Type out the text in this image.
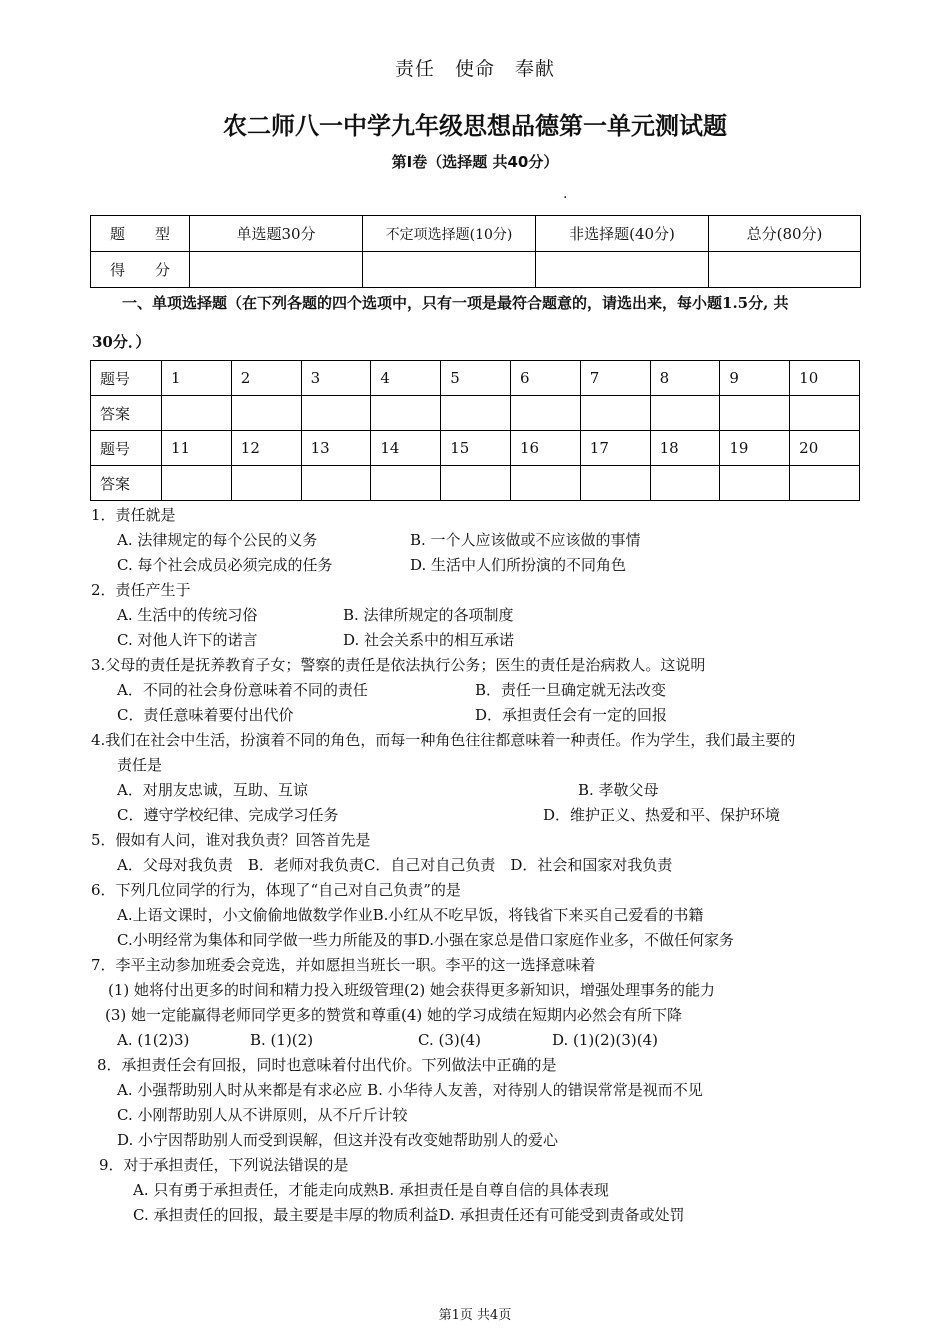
责任　使命　奉献
农二师八一中学九年级思想品德第一单元测试题
第Ⅰ卷（选择题 共40分）
.
题　　型	单选题30分	不定项选择题(10分)	非选择题(40分)	总分(80分)
得　　分				
一、单项选择题（在下列各题的四个选项中，只有一项是最符合题意的，请选出来，每小题1.5分, 共
30分．）
题号	1	2	3	4	5	6	7	8	9	10
答案										
题号	11	12	13	14	15	16	17	18	19	20
答案										
1．责任就是
A. 法律规定的每个公民的义务	B. 一个人应该做或不应该做的事情
C. 每个社会成员必须完成的任务	D. 生活中人们所扮演的不同角色
2．责任产生于
A. 生活中的传统习俗	B. 法律所规定的各项制度
C. 对他人许下的诺言	D. 社会关系中的相互承诺
3.父母的责任是抚养教育子女；警察的责任是依法执行公务；医生的责任是治病救人。这说明
A．不同的社会身份意味着不同的责任	B．责任一旦确定就无法改变
C．责任意味着要付出代价	D．承担责任会有一定的回报
4.我们在社会中生活，扮演着不同的角色，而每一种角色往往都意味着一种责任。作为学生，我们最主要的
责任是
A．对朋友忠诚，互助、互谅	B. 孝敬父母
C．遵守学校纪律、完成学习任务	D．维护正义、热爱和平、保护环境
5．假如有人问，谁对我负责？回答首先是
A．父母对我负责　B．老师对我负责C．自己对自己负责　D．社会和国家对我负责
6．下列几位同学的行为，体现了“自己对自己负责”的是
A.上语文课时，小文偷偷地做数学作业B.小红从不吃早饭，将钱省下来买自己爱看的书籍
C.小明经常为集体和同学做一些力所能及的事D.小强在家总是借口家庭作业多，不做任何家务
7．李平主动参加班委会竞选，并如愿担当班长一职。李平的这一选择意味着
(1) 她将付出更多的时间和精力投入班级管理(2) 她会获得更多新知识，增强处理事务的能力
(3) 她一定能赢得老师同学更多的赞赏和尊重(4) 她的学习成绩在短期内必然会有所下降
A. (1(2)3)	B. (1)(2)	C. (3)(4)	D. (1)(2)(3)(4)
8．承担责任会有回报，同时也意味着付出代价。下列做法中正确的是
A. 小强帮助别人时从来都是有求必应 B. 小华待人友善，对待别人的错误常常是视而不见
C. 小刚帮助别人从不讲原则，从不斤斤计较
D. 小宁因帮助别人而受到误解，但这并没有改变她帮助别人的爱心
9．对于承担责任，下列说法错误的是
A. 只有勇于承担责任，才能走向成熟B. 承担责任是自尊自信的具体表现
C. 承担责任的回报，最主要是丰厚的物质利益D. 承担责任还有可能受到责备或处罚
第1页 共4页
